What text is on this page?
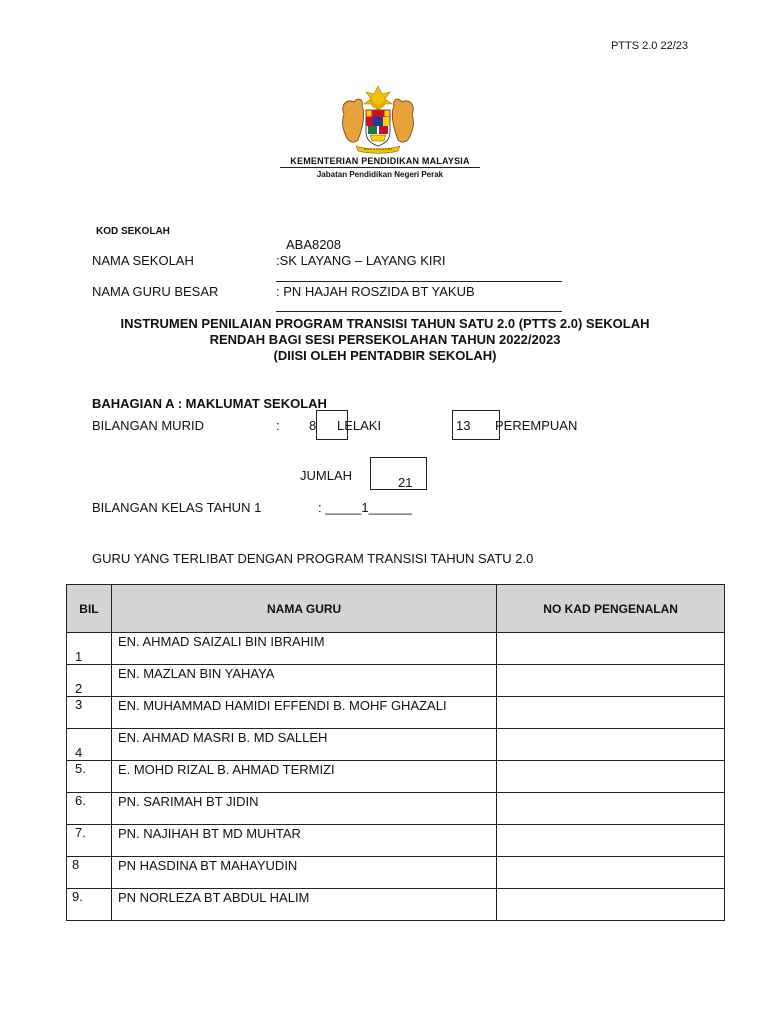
PTTS 2.0 22/23
KEMENTERIAN PENDIDIKAN MALAYSIA
Jabatan Pendidikan Negeri Perak
KOD SEKOLAH
ABA8208
NAMA SEKOLAH	:SK LAYANG – LAYANG KIRI
NAMA GURU BESAR	: PN HAJAH ROSZIDA BT YAKUB
INSTRUMEN PENILAIAN PROGRAM TRANSISI TAHUN SATU 2.0 (PTTS 2.0) SEKOLAH
RENDAH BAGI SESI PERSEKOLAHAN TAHUN 2022/2023
(DIISI OLEH PENTADBIR SEKOLAH)
BAHAGIAN A : MAKLUMAT SEKOLAH
BILANGAN MURID	: 8 LELAKI	13 PEREMPUAN
JUMLAH	21
BILANGAN KELAS TAHUN 1	: _____1______
GURU YANG TERLIBAT DENGAN PROGRAM TRANSISI TAHUN SATU 2.0
BIL	NAMA GURU	NO KAD PENGENALAN
1	EN. AHMAD SAIZALI BIN IBRAHIM	
2	EN. MAZLAN BIN YAHAYA	
3	EN. MUHAMMAD HAMIDI EFFENDI B. MOHF GHAZALI	
4	EN. AHMAD MASRI B. MD SALLEH	
5.	E. MOHD RIZAL B. AHMAD TERMIZI	
6.	PN. SARIMAH BT JIDIN	
7.	PN. NAJIHAH BT MD MUHTAR	
8	PN HASDINA BT MAHAYUDIN	
9.	PN NORLEZA BT ABDUL HALIM	
